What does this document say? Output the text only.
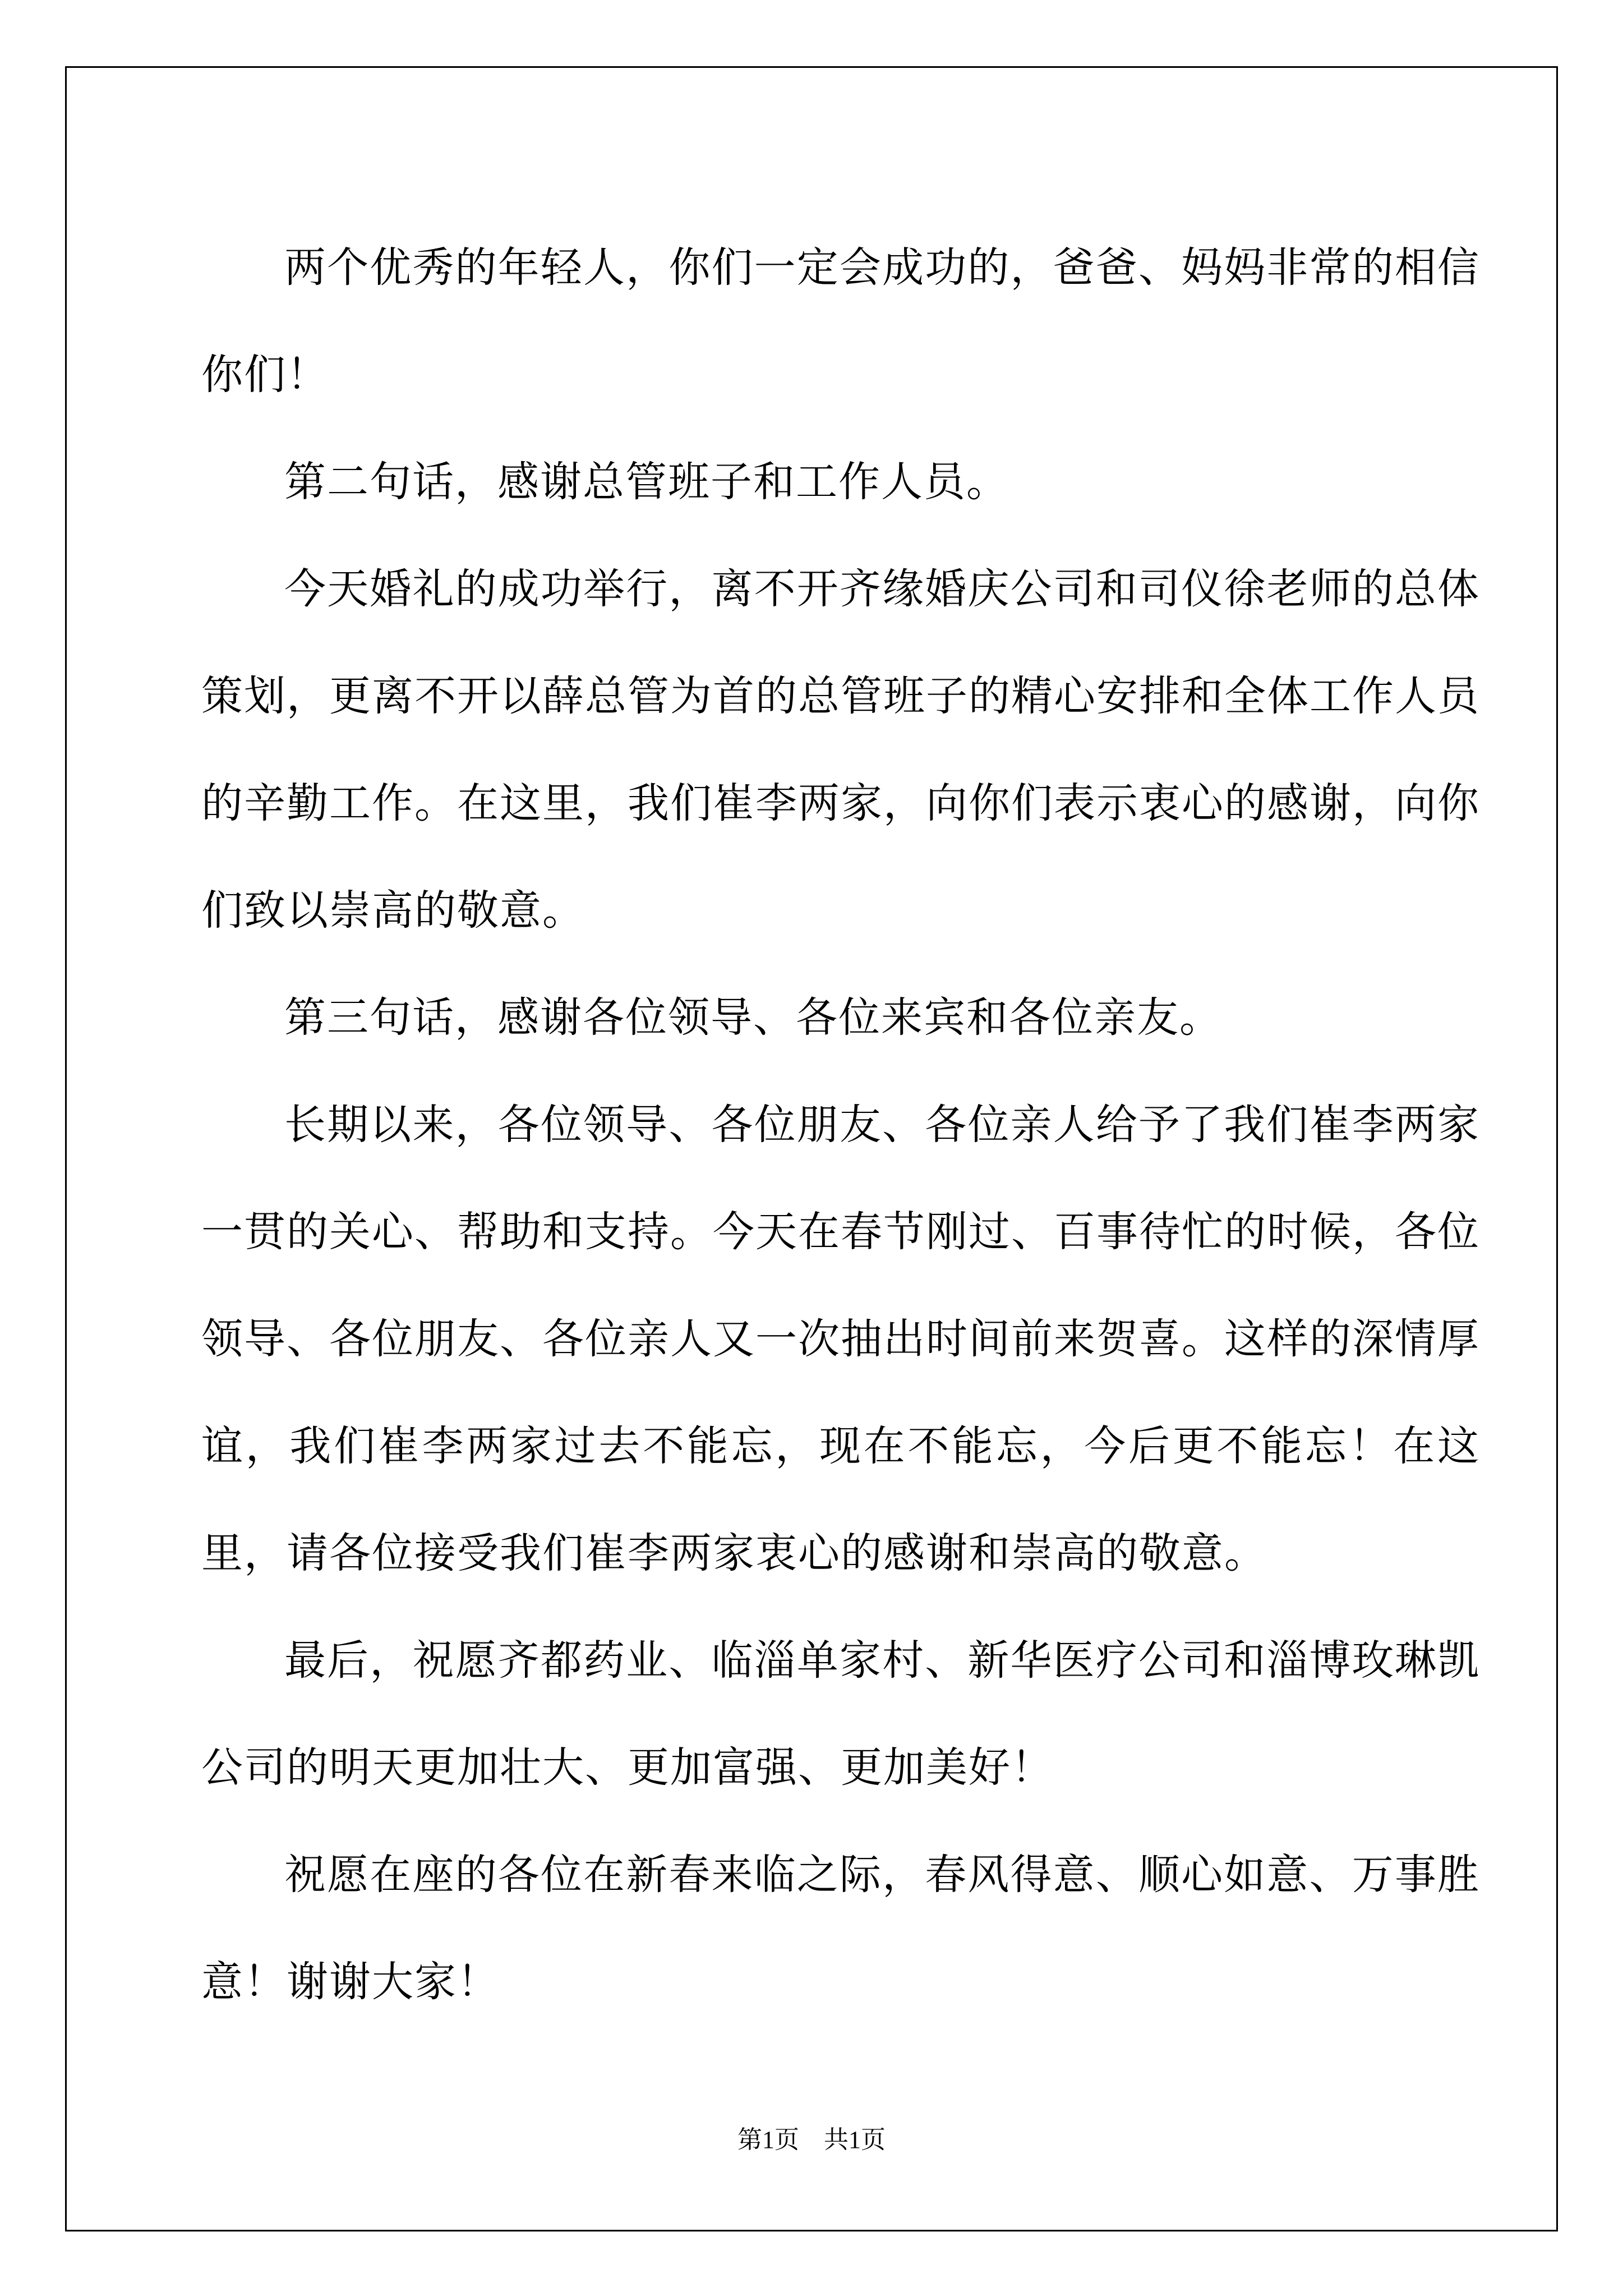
两个优秀的年轻人，你们一定会成功的，爸爸、妈妈非常的相信你们！

第二句话，感谢总管班子和工作人员。

今天婚礼的成功举行，离不开齐缘婚庆公司和司仪徐老师的总体策划，更离不开以薛总管为首的总管班子的精心安排和全体工作人员的辛勤工作。在这里，我们崔李两家，向你们表示衷心的感谢，向你们致以崇高的敬意。

第三句话，感谢各位领导、各位来宾和各位亲友。

长期以来，各位领导、各位朋友、各位亲人给予了我们崔李两家一贯的关心、帮助和支持。今天在春节刚过、百事待忙的时候，各位领导、各位朋友、各位亲人又一次抽出时间前来贺喜。这样的深情厚谊，我们崔李两家过去不能忘，现在不能忘，今后更不能忘！在这里，请各位接受我们崔李两家衷心的感谢和崇高的敬意。

最后，祝愿齐都药业、临淄单家村、新华医疗公司和淄博玫琳凯公司的明天更加壮大、更加富强、更加美好！

祝愿在座的各位在新春来临之际，春风得意、顺心如意、万事胜意！谢谢大家！

第1页　共1页
